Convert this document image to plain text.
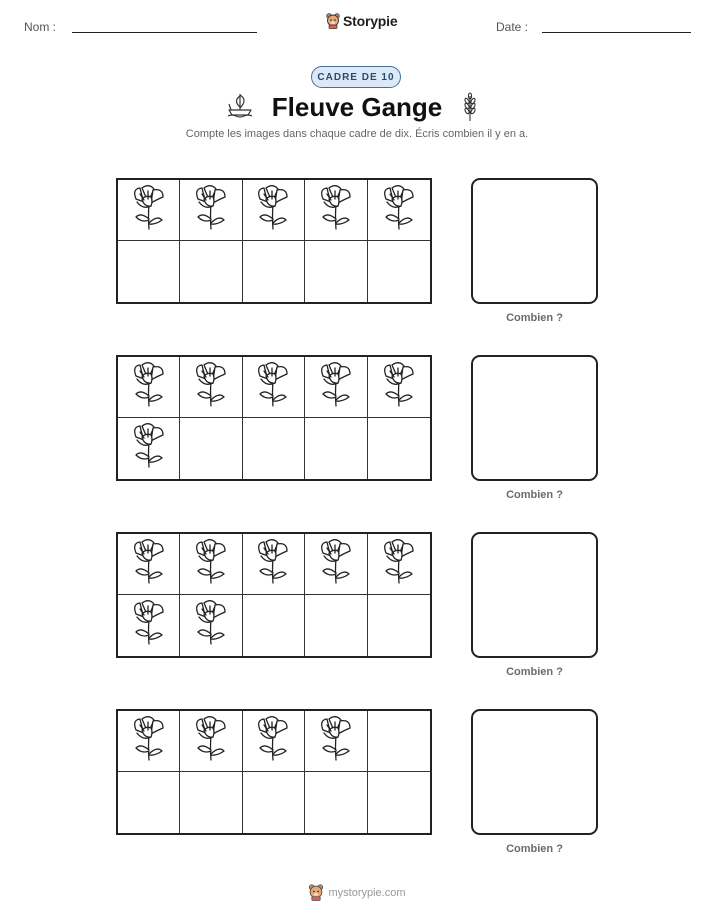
Nom :	Storypie	Date :
CADRE DE 10
Fleuve Gange
Compte les images dans chaque cadre de dix. Écris combien il y en a.
Combien ?
Combien ?
Combien ?
Combien ?
mystorypie.com
